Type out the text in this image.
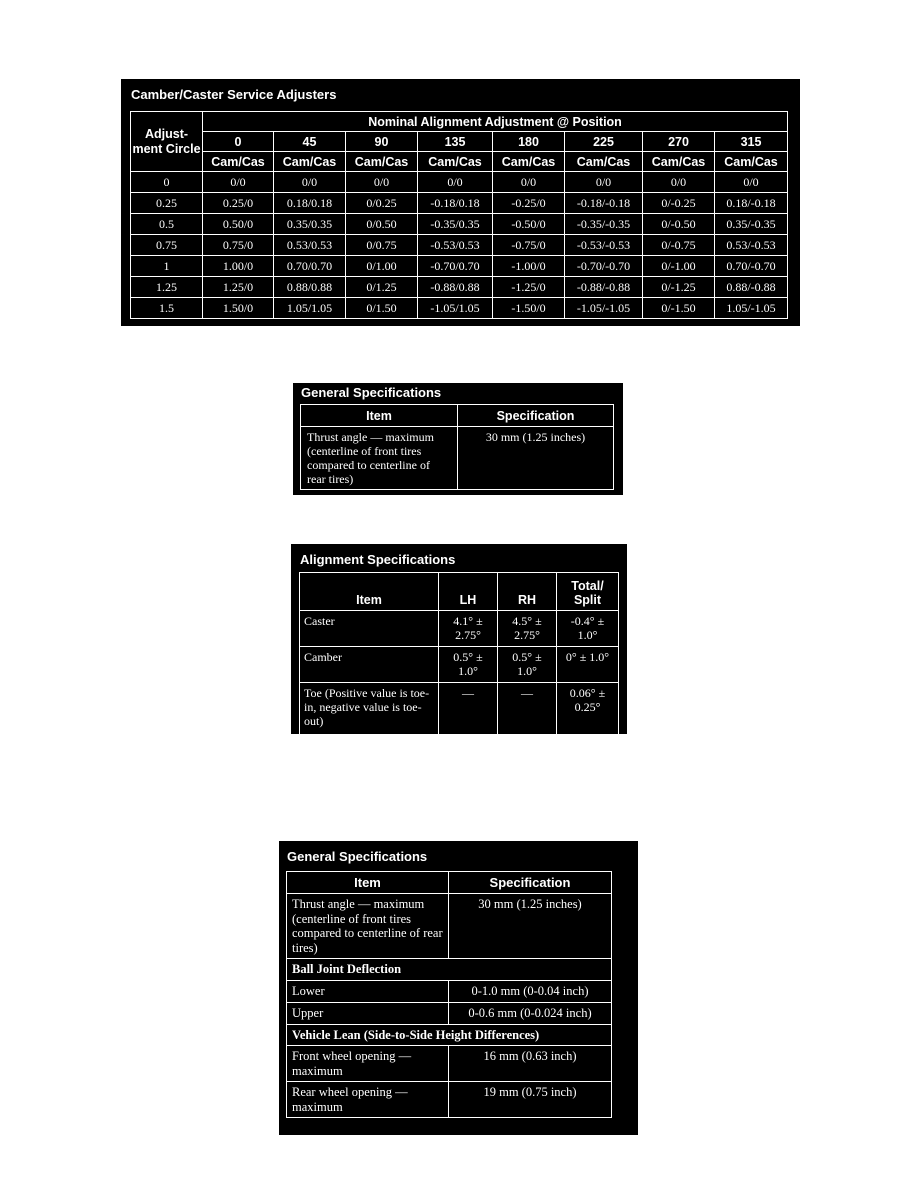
Camber/Caster Service Adjusters
Adjust-ment Circle	Nominal Alignment Adjustment @ Position							
	0	45	90	135	180	225	270	315
	Cam/Cas	Cam/Cas	Cam/Cas	Cam/Cas	Cam/Cas	Cam/Cas	Cam/Cas	Cam/Cas
0	0/0	0/0	0/0	0/0	0/0	0/0	0/0	0/0
0.25	0.25/0	0.18/0.18	0/0.25	-0.18/0.18	-0.25/0	-0.18/-0.18	0/-0.25	0.18/-0.18
0.5	0.50/0	0.35/0.35	0/0.50	-0.35/0.35	-0.50/0	-0.35/-0.35	0/-0.50	0.35/-0.35
0.75	0.75/0	0.53/0.53	0/0.75	-0.53/0.53	-0.75/0	-0.53/-0.53	0/-0.75	0.53/-0.53
1	1.00/0	0.70/0.70	0/1.00	-0.70/0.70	-1.00/0	-0.70/-0.70	0/-1.00	0.70/-0.70
1.25	1.25/0	0.88/0.88	0/1.25	-0.88/0.88	-1.25/0	-0.88/-0.88	0/-1.25	0.88/-0.88
1.5	1.50/0	1.05/1.05	0/1.50	-1.05/1.05	-1.50/0	-1.05/-1.05	0/-1.50	1.05/-1.05
General Specifications
Item	Specification
Thrust angle — maximum (centerline of front tires compared to centerline of rear tires)	30 mm (1.25 inches)
Alignment Specifications
Item	LH	RH	Total/ Split
Caster	4.1° ± 2.75°	4.5° ± 2.75°	-0.4° ± 1.0°
Camber	0.5° ± 1.0°	0.5° ± 1.0°	0° ± 1.0°
Toe (Positive value is toe-in, negative value is toe-out)	—	—	0.06° ± 0.25°
General Specifications
Item	Specification
Thrust angle — maximum (centerline of front tires compared to centerline of rear tires)	30 mm (1.25 inches)
Ball Joint Deflection	
Lower	0-1.0 mm (0-0.04 inch)
Upper	0-0.6 mm (0-0.024 inch)
Vehicle Lean (Side-to-Side Height Differences)	
Front wheel opening — maximum	16 mm (0.63 inch)
Rear wheel opening — maximum	19 mm (0.75 inch)
